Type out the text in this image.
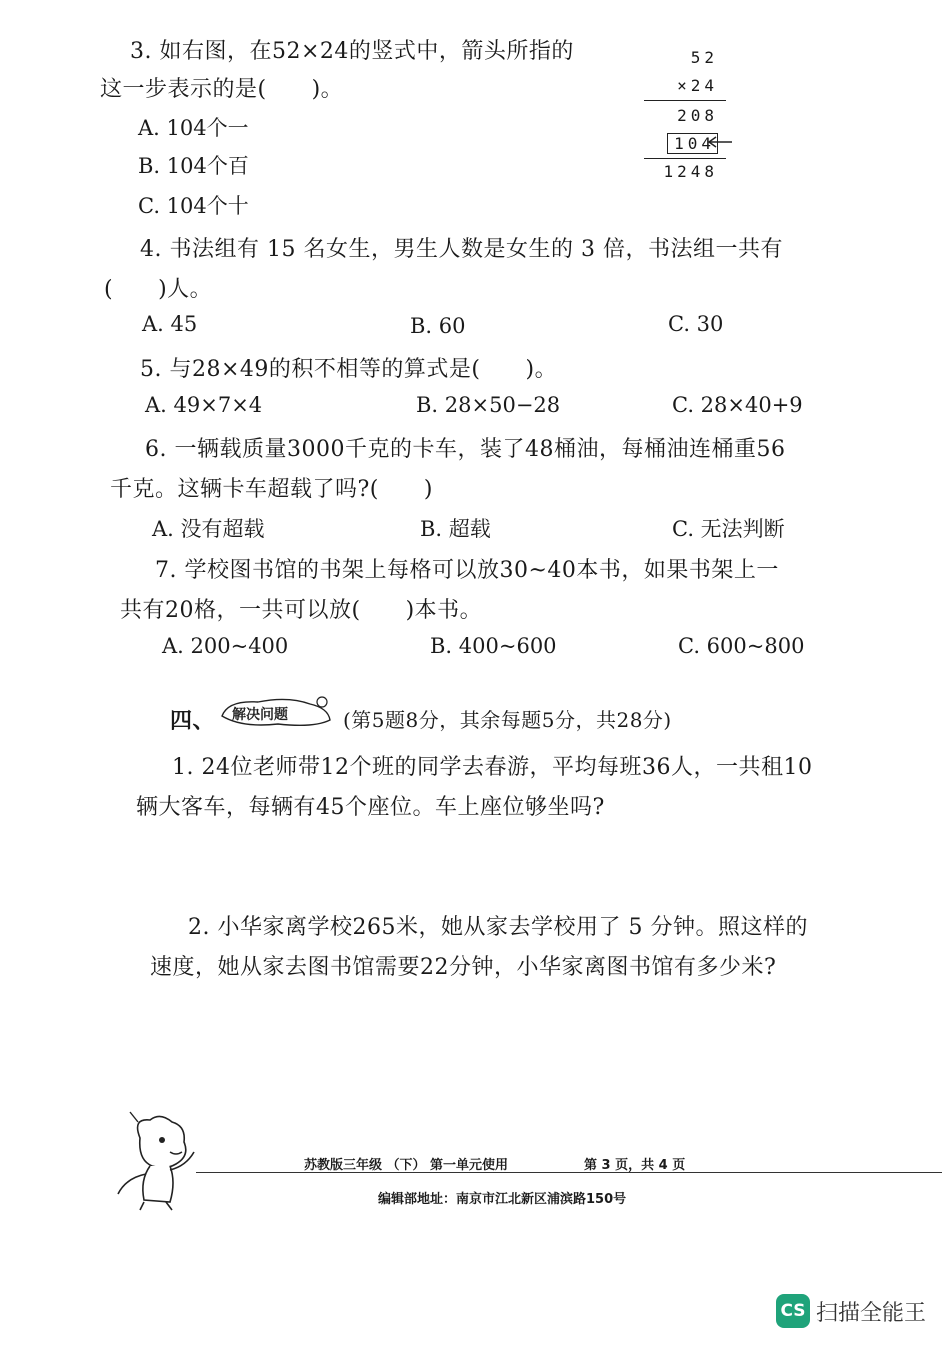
3. 如右图，在52×24的竖式中，箭头所指的
这一步表示的是(　　)。
A. 104个一
B. 104个百
C. 104个十
52
×24
208
104
1248
4. 书法组有 15 名女生，男生人数是女生的 3 倍，书法组一共有
(　　)人。
A. 45	B. 60	C. 30
5. 与28×49的积不相等的算式是(　　)。
A. 49×7×4	B. 28×50−28	C. 28×40+9
6. 一辆载质量3000千克的卡车，装了48桶油，每桶油连桶重56
千克。这辆卡车超载了吗?(　　)
A. 没有超载	B. 超载	C. 无法判断
7. 学校图书馆的书架上每格可以放30~40本书，如果书架上一
共有20格，一共可以放(　　)本书。
A. 200~400	B. 400~600	C. 600~800
四、 解决问题	(第5题8分，其余每题5分，共28分)
1. 24位老师带12个班的同学去春游，平均每班36人，一共租10
辆大客车，每辆有45个座位。车上座位够坐吗?
2. 小华家离学校265米，她从家去学校用了 5 分钟。照这样的
速度，她从家去图书馆需要22分钟，小华家离图书馆有多少米?
苏教版三年级 （下） 第一单元使用	第 3 页，共 4 页
编辑部地址：南京市江北新区浦滨路150号
CS 扫描全能王
